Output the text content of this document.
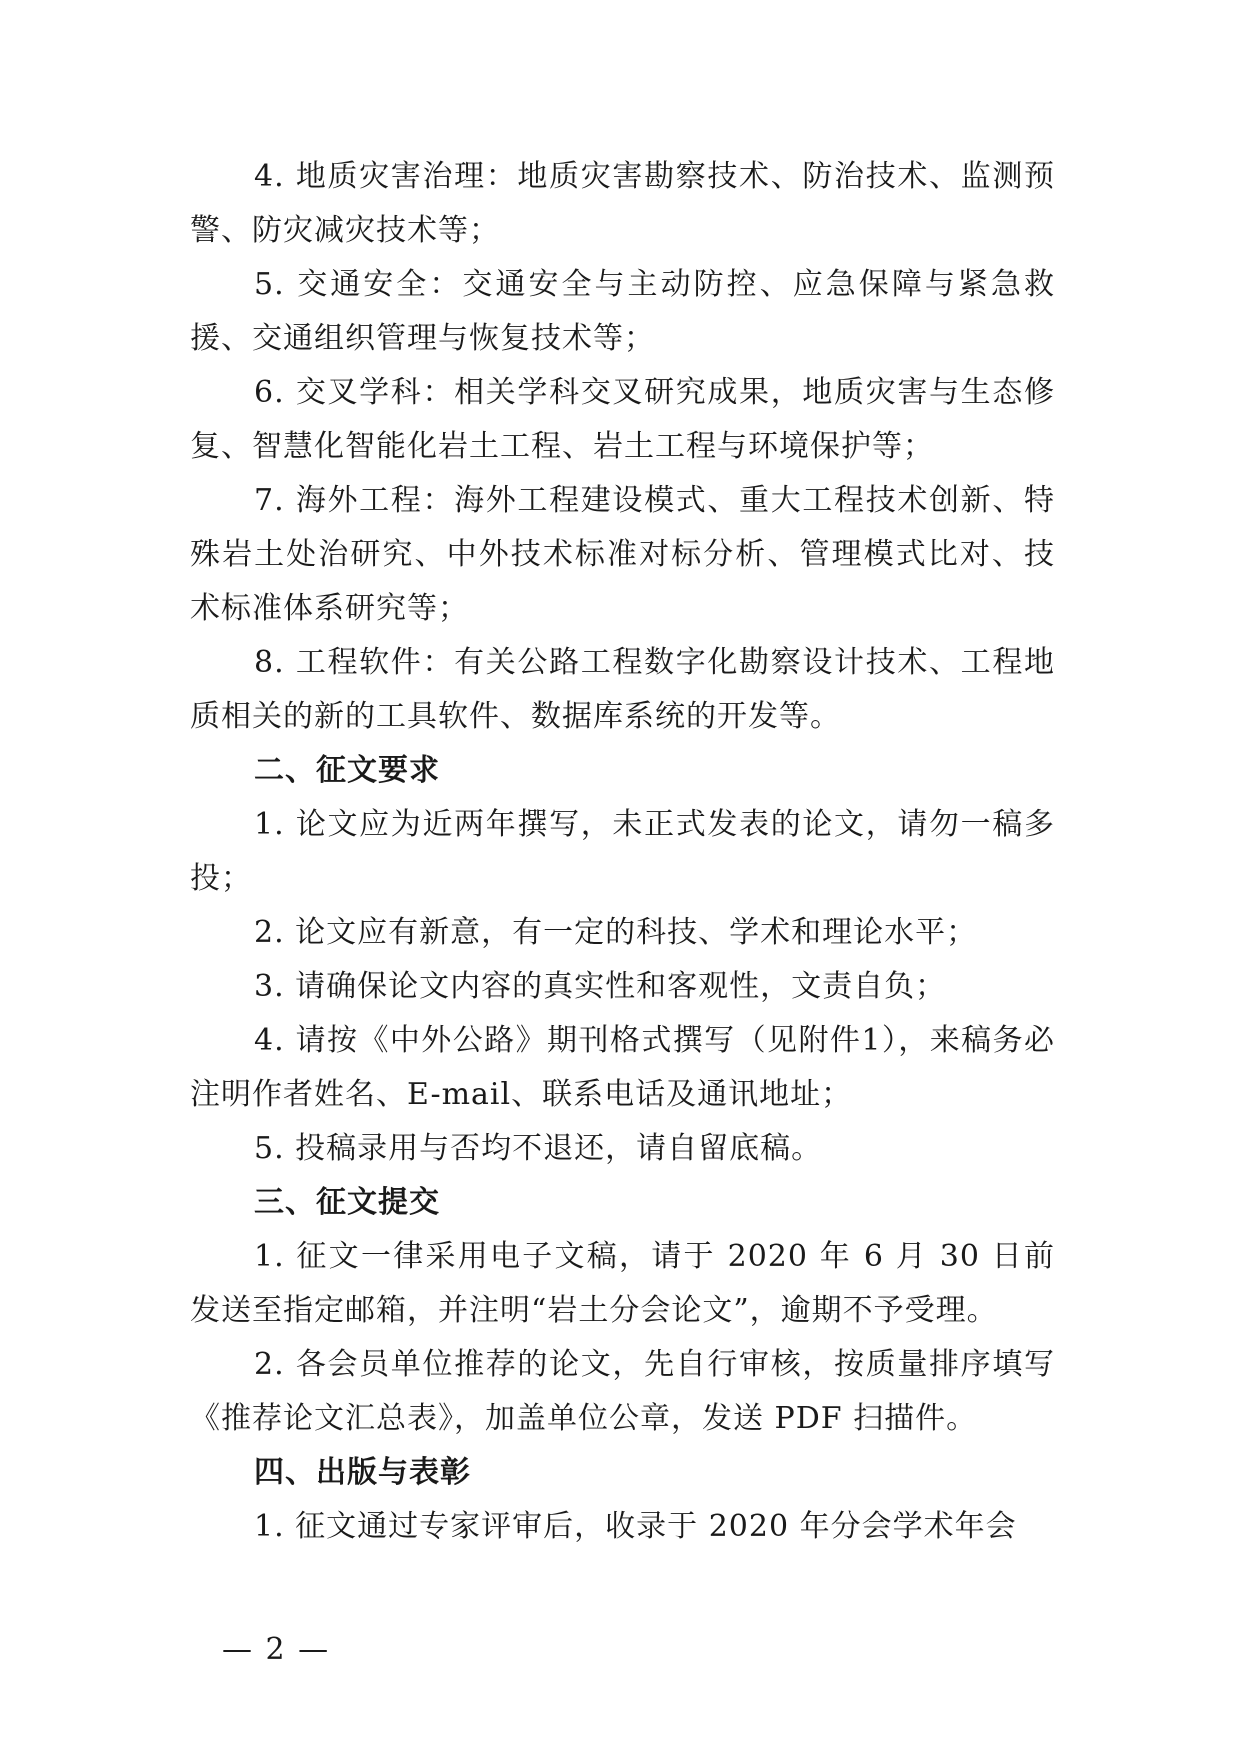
4. 地质灾害治理：地质灾害勘察技术、防治技术、监测预警、防灾减灾技术等；

5. 交通安全：交通安全与主动防控、应急保障与紧急救援、交通组织管理与恢复技术等；

6. 交叉学科：相关学科交叉研究成果，地质灾害与生态修复、智慧化智能化岩土工程、岩土工程与环境保护等；

7. 海外工程：海外工程建设模式、重大工程技术创新、特殊岩土处治研究、中外技术标准对标分析、管理模式比对、技术标准体系研究等；

8. 工程软件：有关公路工程数字化勘察设计技术、工程地质相关的新的工具软件、数据库系统的开发等。

二、征文要求

1. 论文应为近两年撰写，未正式发表的论文，请勿一稿多投；

2. 论文应有新意，有一定的科技、学术和理论水平；

3. 请确保论文内容的真实性和客观性，文责自负；

4. 请按《中外公路》期刊格式撰写（见附件1），来稿务必注明作者姓名、E-mail、联系电话及通讯地址；

5. 投稿录用与否均不退还，请自留底稿。

三、征文提交

1. 征文一律采用电子文稿，请于 2020 年 6 月 30 日前发送至指定邮箱，并注明“岩土分会论文”，逾期不予受理。

2. 各会员单位推荐的论文，先自行审核，按质量排序填写《推荐论文汇总表》，加盖单位公章，发送 PDF 扫描件。

四、出版与表彰

1. 征文通过专家评审后，收录于 2020 年分会学术年会

— 2 —
